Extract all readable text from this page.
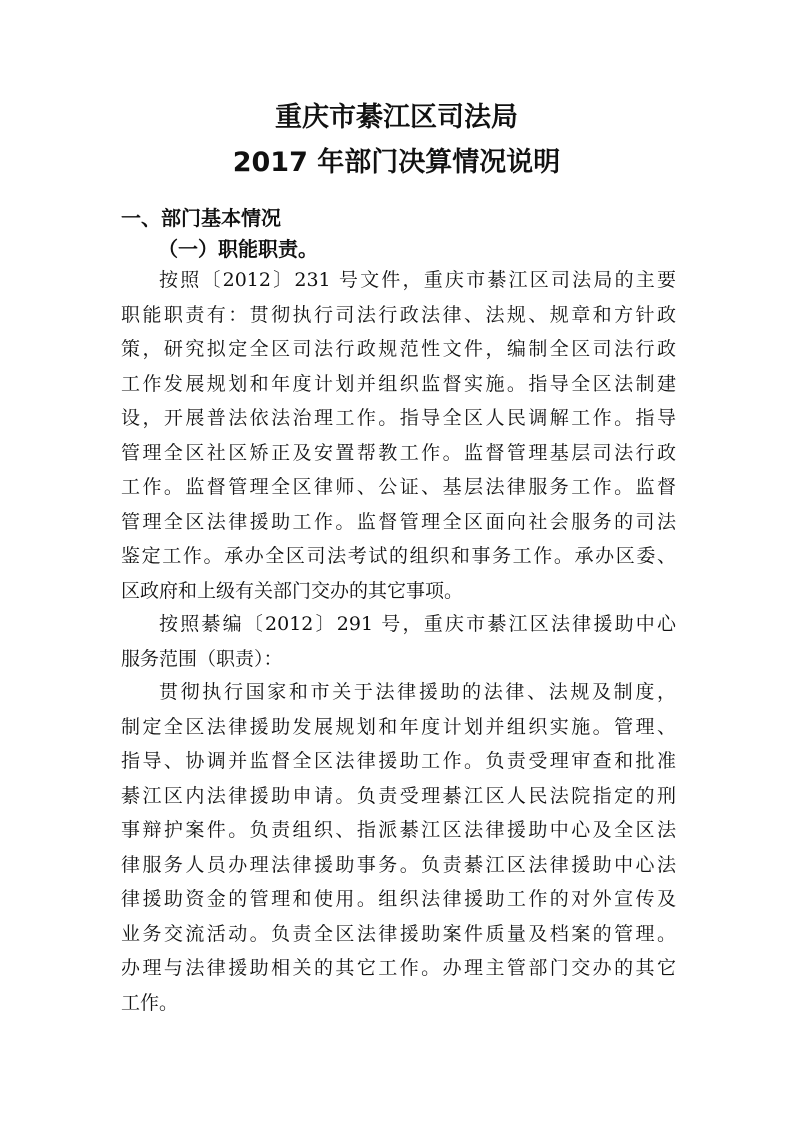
重庆市綦江区司法局
2017 年部门决算情况说明
一、部门基本情况
（一）职能职责。
按照〔2012〕231 号文件，重庆市綦江区司法局的主要
职能职责有：贯彻执行司法行政法律、法规、规章和方针政
策，研究拟定全区司法行政规范性文件，编制全区司法行政
工作发展规划和年度计划并组织监督实施。指导全区法制建
设，开展普法依法治理工作。指导全区人民调解工作。指导
管理全区社区矫正及安置帮教工作。监督管理基层司法行政
工作。监督管理全区律师、公证、基层法律服务工作。监督
管理全区法律援助工作。监督管理全区面向社会服务的司法
鉴定工作。承办全区司法考试的组织和事务工作。承办区委、
区政府和上级有关部门交办的其它事项。
按照綦编〔2012〕291 号，重庆市綦江区法律援助中心
服务范围（职责）：
贯彻执行国家和市关于法律援助的法律、法规及制度，
制定全区法律援助发展规划和年度计划并组织实施。管理、
指导、协调并监督全区法律援助工作。负责受理审查和批准
綦江区内法律援助申请。负责受理綦江区人民法院指定的刑
事辩护案件。负责组织、指派綦江区法律援助中心及全区法
律服务人员办理法律援助事务。负责綦江区法律援助中心法
律援助资金的管理和使用。组织法律援助工作的对外宣传及
业务交流活动。负责全区法律援助案件质量及档案的管理。
办理与法律援助相关的其它工作。办理主管部门交办的其它
工作。
